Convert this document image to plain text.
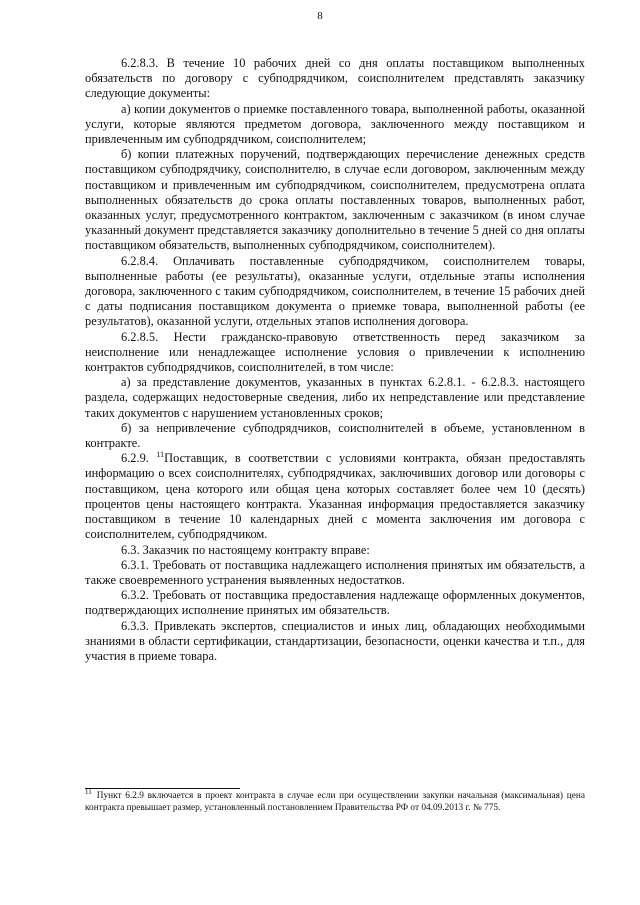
8

6.2.8.3. В течение 10 рабочих дней со дня оплаты поставщиком выполненных обязательств по договору с субподрядчиком, соисполнителем представлять заказчику следующие документы:

а) копии документов о приемке поставленного товара, выполненной работы, оказанной услуги, которые являются предметом договора, заключенного между поставщиком и привлеченным им субподрядчиком, соисполнителем;

б) копии платежных поручений, подтверждающих перечисление денежных средств поставщиком субподрядчику, соисполнителю, в случае если договором, заключенным между поставщиком и привлеченным им субподрядчиком, соисполнителем, предусмотрена оплата выполненных обязательств до срока оплаты поставленных товаров, выполненных работ, оказанных услуг, предусмотренного контрактом, заключенным с заказчиком (в ином случае указанный документ представляется заказчику дополнительно в течение 5 дней со дня оплаты поставщиком обязательств, выполненных субподрядчиком, соисполнителем).

6.2.8.4. Оплачивать поставленные субподрядчиком, соисполнителем товары, выполненные работы (ее результаты), оказанные услуги, отдельные этапы исполнения договора, заключенного с таким субподрядчиком, соисполнителем, в течение 15 рабочих дней с даты подписания поставщиком документа о приемке товара, выполненной работы (ее результатов), оказанной услуги, отдельных этапов исполнения договора.

6.2.8.5. Нести гражданско-правовую ответственность перед заказчиком за неисполнение или ненадлежащее исполнение условия о привлечении к исполнению контрактов субподрядчиков, соисполнителей, в том числе:

а) за представление документов, указанных в пунктах 6.2.8.1. - 6.2.8.3. настоящего раздела, содержащих недостоверные сведения, либо их непредставление или представление таких документов с нарушением установленных сроков;

б) за непривлечение субподрядчиков, соисполнителей в объеме, установленном в контракте.

6.2.9. $^{11}$Поставщик, в соответствии с условиями контракта, обязан предоставлять информацию о всех соисполнителях, субподрядчиках, заключивших договор или договоры с поставщиком, цена которого или общая цена которых составляет более чем 10 (десять) процентов цены настоящего контракта. Указанная информация предоставляется заказчику поставщиком в течение 10 календарных дней с момента заключения им договора с соисполнителем, субподрядчиком.

6.3. Заказчик по настоящему контракту вправе:

6.3.1. Требовать от поставщика надлежащего исполнения принятых им обязательств, а также своевременного устранения выявленных недостатков.

6.3.2. Требовать от поставщика предоставления надлежаще оформленных документов, подтверждающих исполнение принятых им обязательств.

6.3.3. Привлекать экспертов, специалистов и иных лиц, обладающих необходимыми знаниями в области сертификации, стандартизации, безопасности, оценки качества и т.п., для участия в приеме товара.

$^{11}$ Пункт 6.2.9 включается в проект контракта в случае если при осуществлении закупки начальная (максимальная) цена контракта превышает размер, установленный постановлением Правительства РФ от 04.09.2013 г. № 775.
